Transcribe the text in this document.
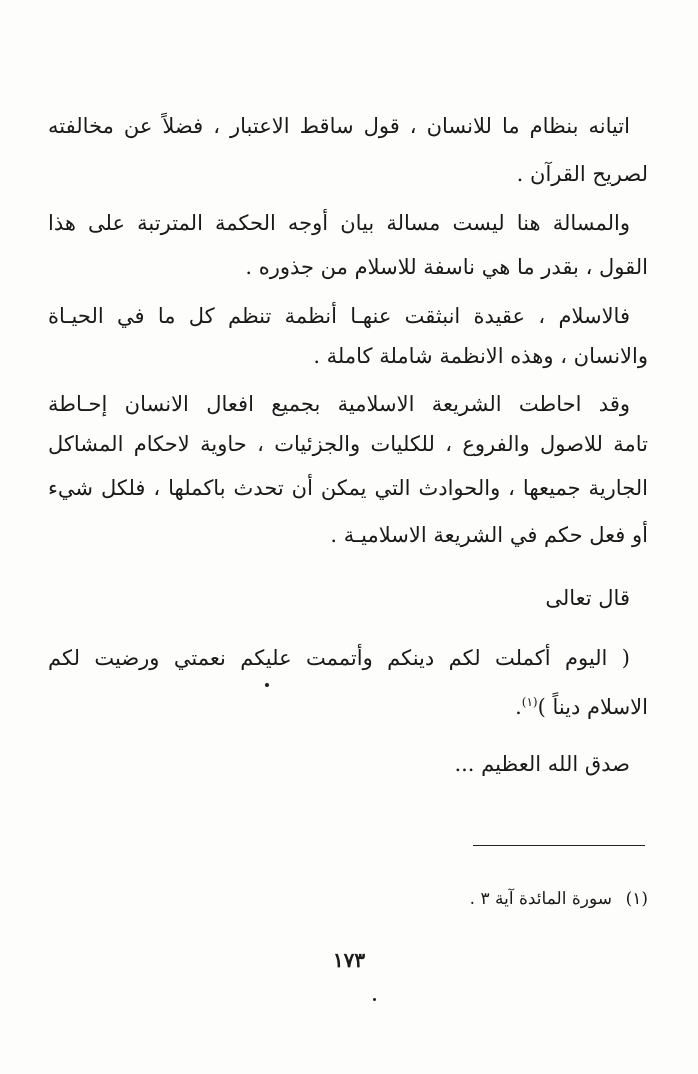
اتيانه بنظام ما للانسان ، قول ساقط الاعتبار ، فضلاً عن مخالفته
لصريح القرآن .
والمسالة هنا ليست مسالة بيان أوجه الحكمة المترتبة على هذا
القول ، بقدر ما هي ناسفة للاسلام من جذوره .
فالاسلام ، عقيدة انبثقت عنهـا أنظمة تنظم كل ما في الحيـاة
والانسان ، وهذه الانظمة شاملة كاملة .
وقد احاطت الشريعة الاسلامية بجميع افعال الانسان إحـاطة
تامة للاصول والفروع ، للكليات والجزئيات ، حاوية لاحكام المشاكل
الجارية جميعها ، والحوادث التي يمكن أن تحدث باكملها ، فلكل شيء
أو فعل حكم في الشريعة الاسلاميـة .
قال تعالى
( اليوم أكملت لكم دينكم وأتممت عليكم نعمتي ورضيت لكم
الاسلام ديناً )$^{(١)}$.
صدق الله العظيم ...
(١)
سورة المائدة آية ٣ .
١٧٣
